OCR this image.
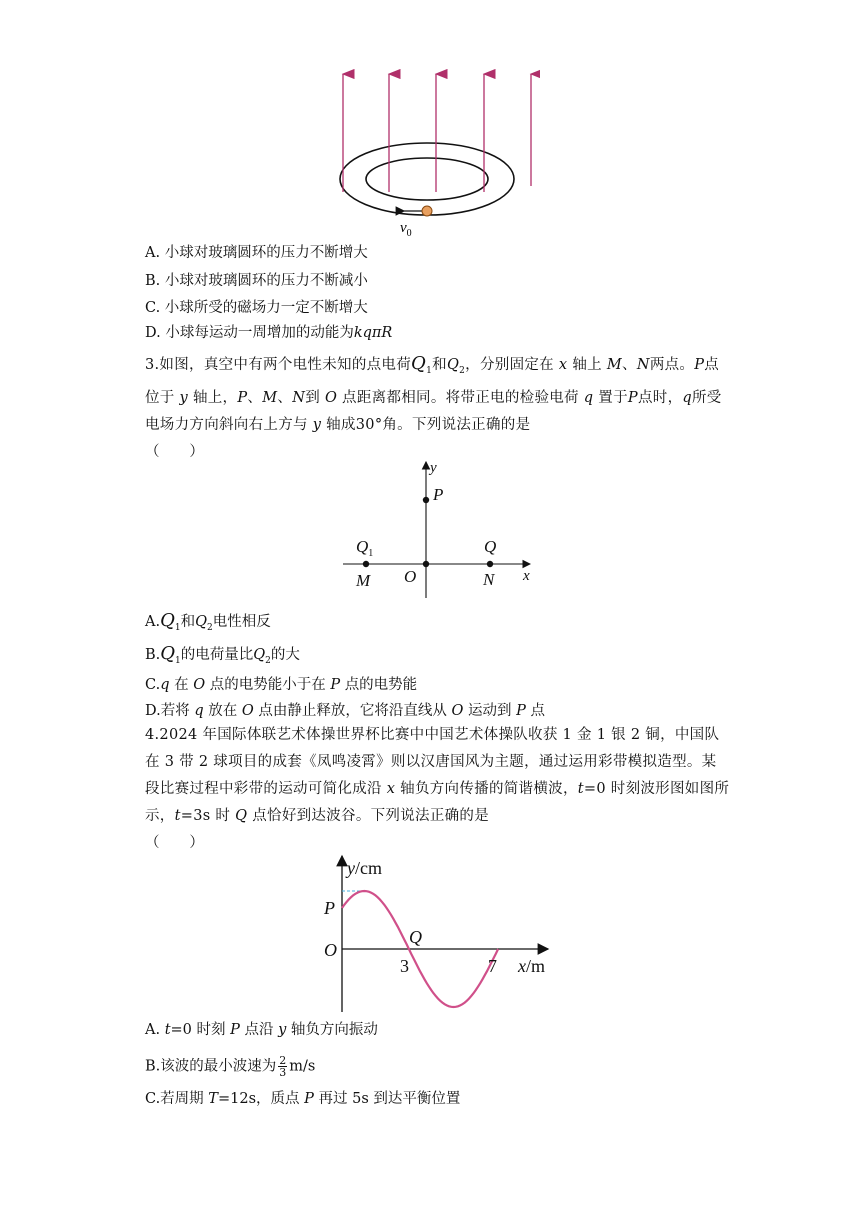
$v_0$
A. 小球对玻璃圆环的压力不断增大
B. 小球对玻璃圆环的压力不断减小
C. 小球所受的磁场力一定不断增大
D. 小球每运动一周增加的动能为kqπR
3.如图，真空中有两个电性未知的点电荷$Q_1$和$Q_2$，分别固定在 x 轴上 M、N两点。P点位于 y 轴上，P、M、N到 O 点距离都相同。将带正电的检验电荷 q 置于P点时，q所受电场力方向斜向右上方与 y 轴成30°角。下列说法正确的是
（　　）
y
P
$Q_1$	Q
M O	N x
$A.Q_1$和$Q_2$电性相反
$B.Q_1$的电荷量比$Q_2$的大
C.q 在 O 点的电势能小于在 P 点的电势能
D.若将 q 放在 O 点由静止释放，它将沿直线从 O 运动到 P 点
4.2024 年国际体联艺术体操世界杯比赛中中国艺术体操队收获 1 金 1 银 2 铜，中国队在 3 带 2 球项目的成套《凤鸣凌霄》则以汉唐国风为主题，通过运用彩带模拟造型。某段比赛过程中彩带的运动可简化成沿 x 轴负方向传播的简谐横波，t=0 时刻波形图如图所示，t=3s 时 Q 点恰好到达波谷。下列说法正确的是
（　　）
y/cm
P
O
Q
3	7 x/m
A. t=0 时刻 P 点沿 y 轴负方向振动
B.该波的最小波速为 $\frac{2}{3} m/s$
C.若周期 T=12s，质点 P 再过 5s 到达平衡位置
